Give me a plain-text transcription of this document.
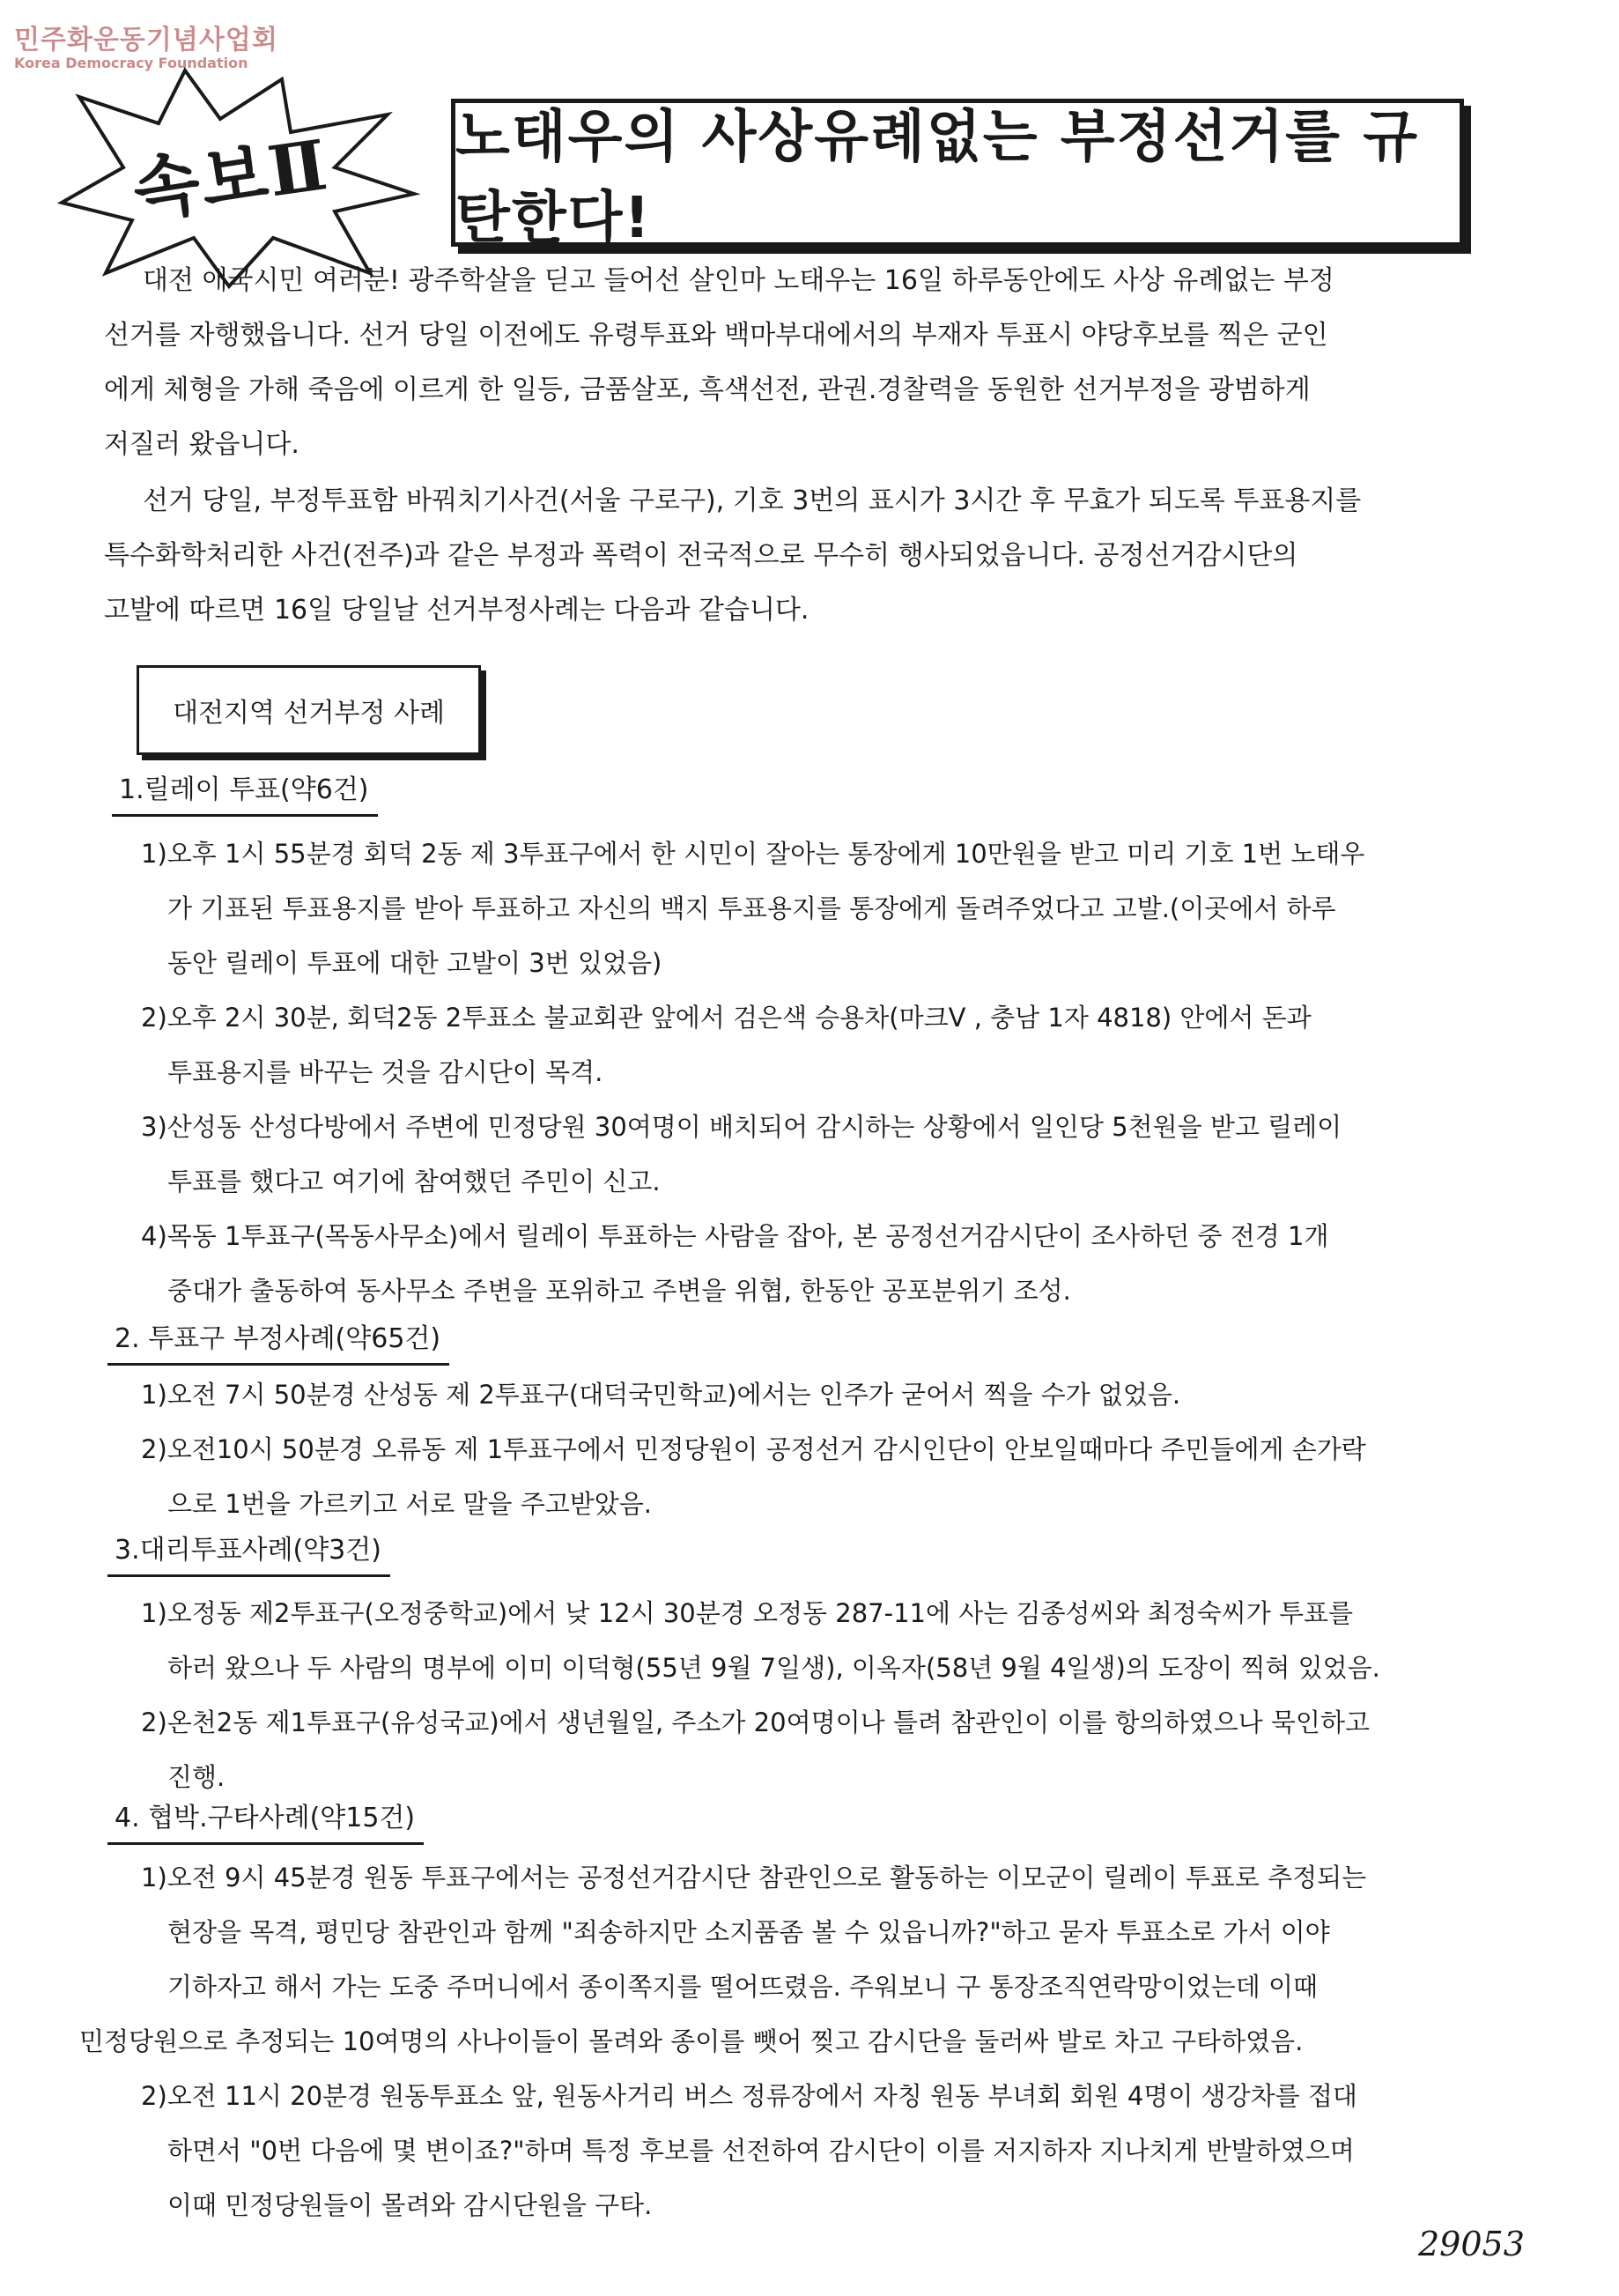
민주화운동기념사업회
Korea Democracy Foundation
속보Ⅱ 노태우의 사상유례없는 부정선거를 규탄한다!

대전 애국시민 여러분! 광주학살을 딛고 들어선 살인마 노태우는 16일 하루동안에도 사상 유례없는 부정

선거를 자행했읍니다. 선거 당일 이전에도 유령투표와 백마부대에서의 부재자 투표시 야당후보를 찍은 군인

에게 체형을 가해 죽음에 이르게 한 일등, 금품살포, 흑색선전, 관권.경찰력을 동원한 선거부정을 광범하게

저질러 왔읍니다.

선거 당일, 부정투표함 바꿔치기사건(서울 구로구), 기호 3번의 표시가 3시간 후 무효가 되도록 투표용지를

특수화학처리한 사건(전주)과 같은 부정과 폭력이 전국적으로 무수히 행사되었읍니다. 공정선거감시단의

고발에 따르면 16일 당일날 선거부정사례는 다음과 같습니다.

대전지역 선거부정 사례
1.릴레이 투표(약6건)

1)오후 1시 55분경 회덕 2동 제 3투표구에서 한 시민이 잘아는 통장에게 10만원을 받고 미리 기호 1번 노태우

가 기표된 투표용지를 받아 투표하고 자신의 백지 투표용지를 통장에게 돌려주었다고 고발.(이곳에서 하루

동안 릴레이 투표에 대한 고발이 3번 있었음)

2)오후 2시 30분, 회덕2동 2투표소 불교회관 앞에서 검은색 승용차(마크Ⅴ , 충남 1자 4818) 안에서 돈과

투표용지를 바꾸는 것을 감시단이 목격.

3)산성동 산성다방에서 주변에 민정당원 30여명이 배치되어 감시하는 상황에서 일인당 5천원을 받고 릴레이

투표를 했다고 여기에 참여했던 주민이 신고.

4)목동 1투표구(목동사무소)에서 릴레이 투표하는 사람을 잡아, 본 공정선거감시단이 조사하던 중 전경 1개

중대가 출동하여 동사무소 주변을 포위하고 주변을 위협, 한동안 공포분위기 조성.

2. 투표구 부정사례(약65건)

1)오전 7시 50분경 산성동 제 2투표구(대덕국민학교)에서는 인주가 굳어서 찍을 수가 없었음.

2)오전10시 50분경 오류동 제 1투표구에서 민정당원이 공정선거 감시인단이 안보일때마다 주민들에게 손가락

으로 1번을 가르키고 서로 말을 주고받았음.

3.대리투표사례(약3건)

1)오정동 제2투표구(오정중학교)에서 낮 12시 30분경 오정동 287-11에 사는 김종성씨와 최정숙씨가 투표를

하러 왔으나 두 사람의 명부에 이미 이덕형(55년 9월 7일생), 이옥자(58년 9월 4일생)의 도장이 찍혀 있었음.

2)온천2동 제1투표구(유성국교)에서 생년월일, 주소가 20여명이나 틀려 참관인이 이를 항의하였으나 묵인하고

진행.

4. 협박.구타사례(약15건)

1)오전 9시 45분경 원동 투표구에서는 공정선거감시단 참관인으로 활동하는 이모군이 릴레이 투표로 추정되는

현장을 목격, 평민당 참관인과 함께 "죄송하지만 소지품좀 볼 수 있읍니까?"하고 묻자 투표소로 가서 이야

기하자고 해서 가는 도중 주머니에서 종이쪽지를 떨어뜨렸음. 주워보니 구 통장조직연락망이었는데 이때

민정당원으로 추정되는 10여명의 사나이들이 몰려와 종이를 뺏어 찢고 감시단을 둘러싸 발로 차고 구타하였음.

2)오전 11시 20분경 원동투표소 앞, 원동사거리 버스 정류장에서 자칭 원동 부녀회 회원 4명이 생강차를 접대

하면서 "0번 다음에 몇 변이죠?"하며 특정 후보를 선전하여 감시단이 이를 저지하자 지나치게 반발하였으며

이때 민정당원들이 몰려와 감시단원을 구타.

29053
